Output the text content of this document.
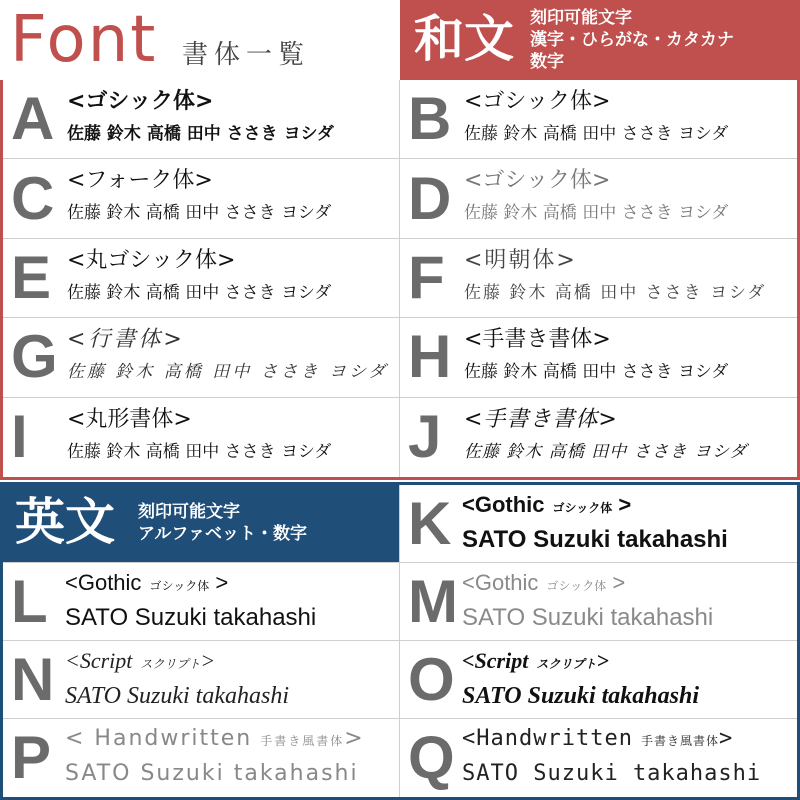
Font 書体一覧 和文 刻印可能文字
漢字・ひらがな・カタカナ
数字
A <ゴシック体>
佐藤 鈴木 高橋 田中 ささき ヨシダ B <ゴシック体>
佐藤 鈴木 高橋 田中 ささき ヨシダ
C <フォーク体>
佐藤 鈴木 高橋 田中 ささき ヨシダ D <ゴシック体>
佐藤 鈴木 高橋 田中 ささき ヨシダ
E <丸ゴシック体>
佐藤 鈴木 高橋 田中 ささき ヨシダ F <明朝体>
佐藤 鈴木 高橋 田中 ささき ヨシダ
G <行書体>
佐藤 鈴木 高橋 田中 ささき ヨシダ H <手書き書体>
佐藤 鈴木 高橋 田中 ささき ヨシダ
I <丸形書体>
佐藤 鈴木 高橋 田中 ささき ヨシダ J <手書き書体>
佐藤 鈴木 高橋 田中 ささき ヨシダ
英文 刻印可能文字
アルファベット・数字 K <Gothic ゴシック体 >
SATO Suzuki takahashi
L <Gothic ゴシック体 >
SATO Suzuki takahashi M <Gothic ゴシック体 >
SATO Suzuki takahashi
N <Script スクリプト>
SATO Suzuki takahashi O <Script スクリプト>
SATO Suzuki takahashi
P < Handwritten 手書き風書体>
SATO Suzuki takahashi Q <Handwritten 手書き風書体>
SATO Suzuki takahashi
